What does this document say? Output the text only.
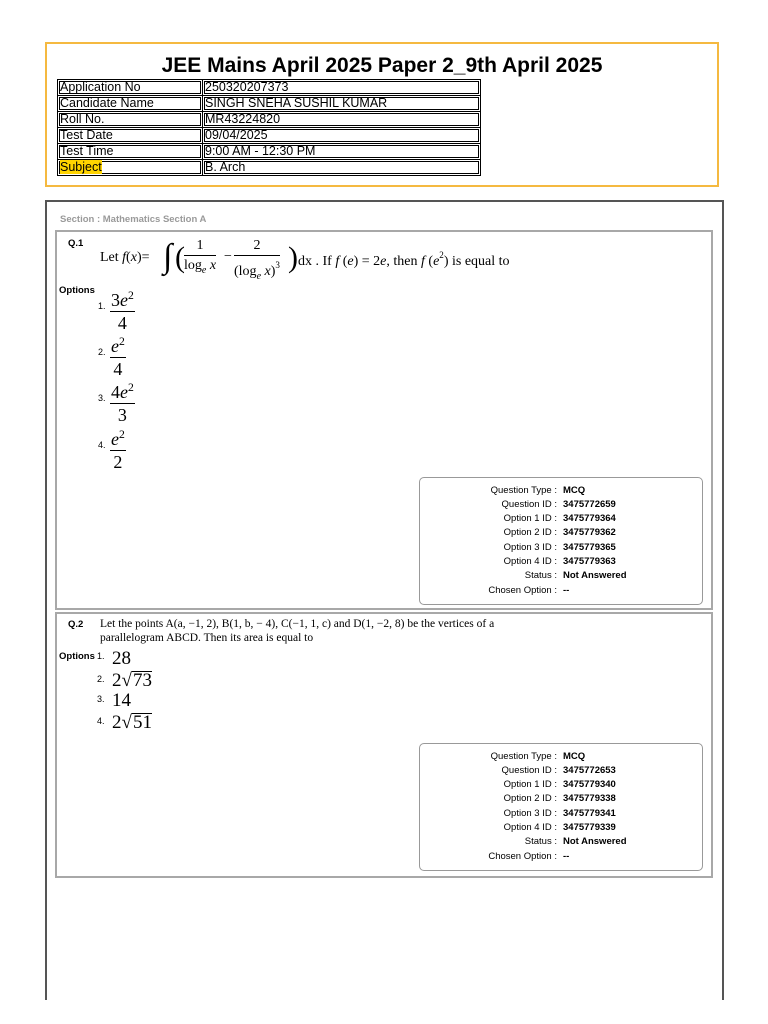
JEE Mains April 2025 Paper 2_9th April 2025
Application No	250320207373
Candidate Name	SINGH SNEHA SUSHIL KUMAR
Roll No.	MR43224820
Test Date	09/04/2025
Test Time	9:00 AM - 12:30 PM
Subject	B. Arch
Section : Mathematics Section A
Q.1
Let f(x)= ∫ ( $\frac{1}{\log_e x} - \frac{2}{(\log_e x)^3}$ ) dx . If f (e) = 2e, then f $(e^2)$ is equal to
Options
1. $\frac{3e^2}{4}$
2. $\frac{e^2}{4}$
3. $\frac{4e^2}{3}$
4. $\frac{e^2}{2}$
Question Type : MCQ
Question ID : 3475772659
Option 1 ID : 3475779364
Option 2 ID : 3475779362
Option 3 ID : 3475779365
Option 4 ID : 3475779363
Status : Not Answered
Chosen Option : --
Q.2 Let the points A(a, −1, 2), B(1, b, − 4), C(−1, 1, c) and D(1, −2, 8) be the vertices of a
parallelogram ABCD. Then its area is equal to
Options 1. 28
2. 2√73
3. 14
4. 2√51
Question Type : MCQ
Question ID : 3475772653
Option 1 ID : 3475779340
Option 2 ID : 3475779338
Option 3 ID : 3475779341
Option 4 ID : 3475779339
Status : Not Answered
Chosen Option : --
